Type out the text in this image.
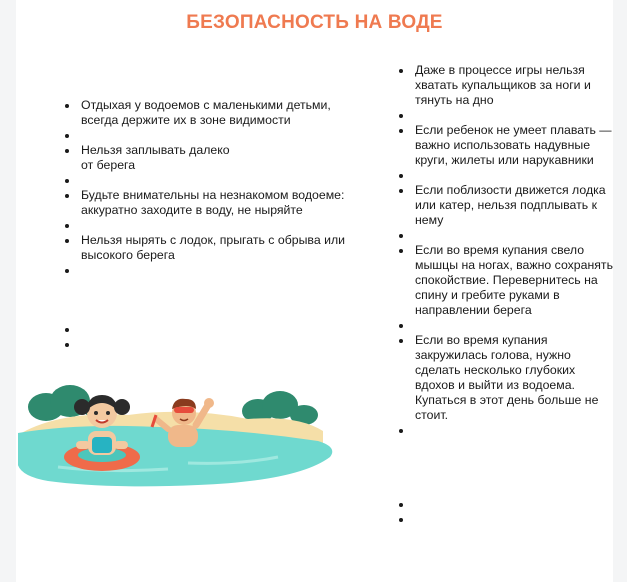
БЕЗОПАСНОСТЬ НА ВОДЕ
• Отдыхая у водоемов с маленькими детьми, всегда держите их в зоне видимости
•
• Нельзя заплывать далеко
от берега
•
• Будьте внимательны на незнакомом водоеме: аккуратно заходите в воду, не ныряйте
•
• Нельзя нырять с лодок, прыгать с обрыва или высокого берега
•
•
•
• Даже в процессе игры нельзя хватать купальщиков за ноги и тянуть на дно
•
• Если ребенок не умеет плавать — важно использовать надувные круги, жилеты или нарукавники
•
• Если поблизости движется лодка или катер, нельзя подплывать к нему
•
• Если во время купания свело мышцы на ногах, важно сохранять спокойствие. Перевернитесь на спину и гребите руками в направлении берега
•
• Если во время купания закружилась голова, нужно сделать несколько глубоких вдохов и выйти из водоема. Купаться в этот день больше не стоит.
•
•
•
